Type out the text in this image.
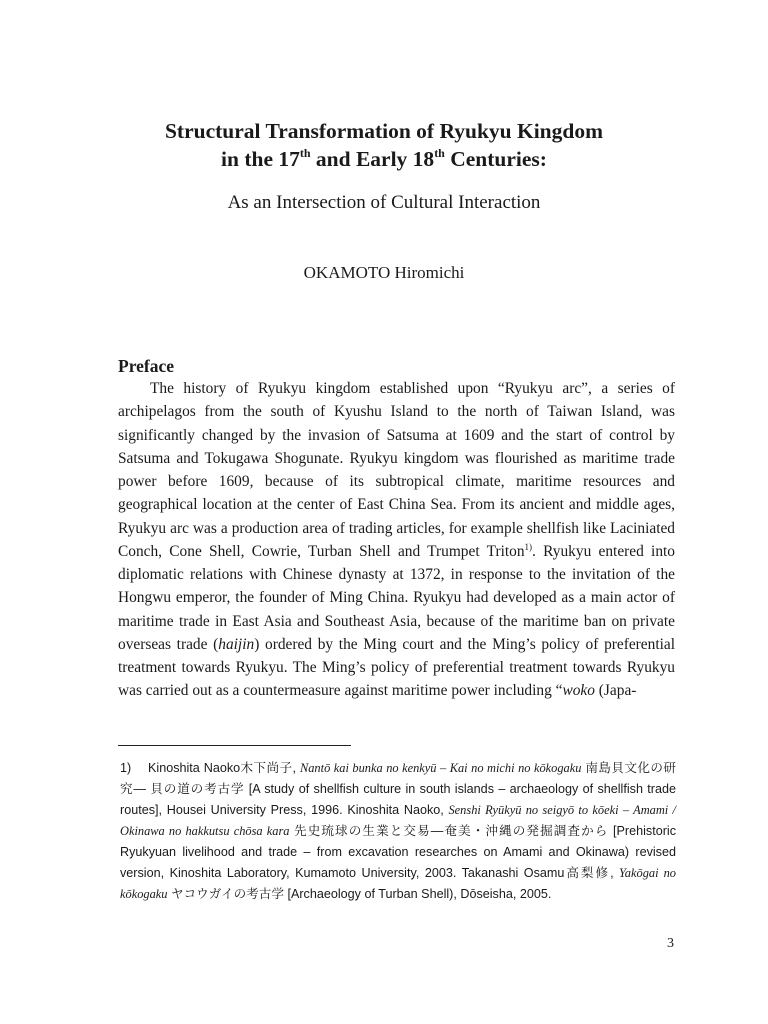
Structural Transformation of Ryukyu Kingdom
in the 17th and Early 18th Centuries:
As an Intersection of Cultural Interaction
OKAMOTO Hiromichi
Preface

The history of Ryukyu kingdom established upon “Ryukyu arc”, a series of archipelagos from the south of Kyushu Island to the north of Taiwan Island, was significantly changed by the invasion of Satsuma at 1609 and the start of control by Satsuma and Tokugawa Shogunate. Ryukyu kingdom was flourished as maritime trade power before 1609, because of its subtropical climate, maritime resources and geographical location at the center of East China Sea. From its ancient and middle ages, Ryukyu arc was a production area of trading articles, for example shellfish like Laciniated Conch, Cone Shell, Cowrie, Turban Shell and Trumpet Triton$^{1)}$. Ryukyu entered into diplomatic relations with Chinese dynasty at 1372, in response to the invitation of the Hongwu emperor, the founder of Ming China. Ryukyu had developed as a main actor of maritime trade in East Asia and Southeast Asia, because of the maritime ban on private overseas trade (haijin) ordered by the Ming court and the Ming’s policy of preferential treatment towards Ryukyu. The Ming’s policy of preferential treatment towards Ryukyu was carried out as a countermeasure against maritime power including “woko (Japa-

1) Kinoshita Naoko木下尚子, Nantō kai bunka no kenkyū – Kai no michi no kōkogaku 南島貝文化の研究― 貝の道の考古学 [A study of shellfish culture in south islands – archaeology of shellfish trade routes], Housei University Press, 1996. Kinoshita Naoko, Senshi Ryūkyū no seigyō to kōeki – Amami / Okinawa no hakkutsu chōsa kara 先史琉球の生業と交易―奄美・沖縄の発掘調査から [Prehistoric Ryukyuan livelihood and trade – from excavation researches on Amami and Okinawa) revised version, Kinoshita Laboratory, Kumamoto University, 2003. Takanashi Osamu高梨修, Yakōgai no kōkogaku ヤコウガイの考古学 [Archaeology of Turban Shell), Dōseisha, 2005.

3
